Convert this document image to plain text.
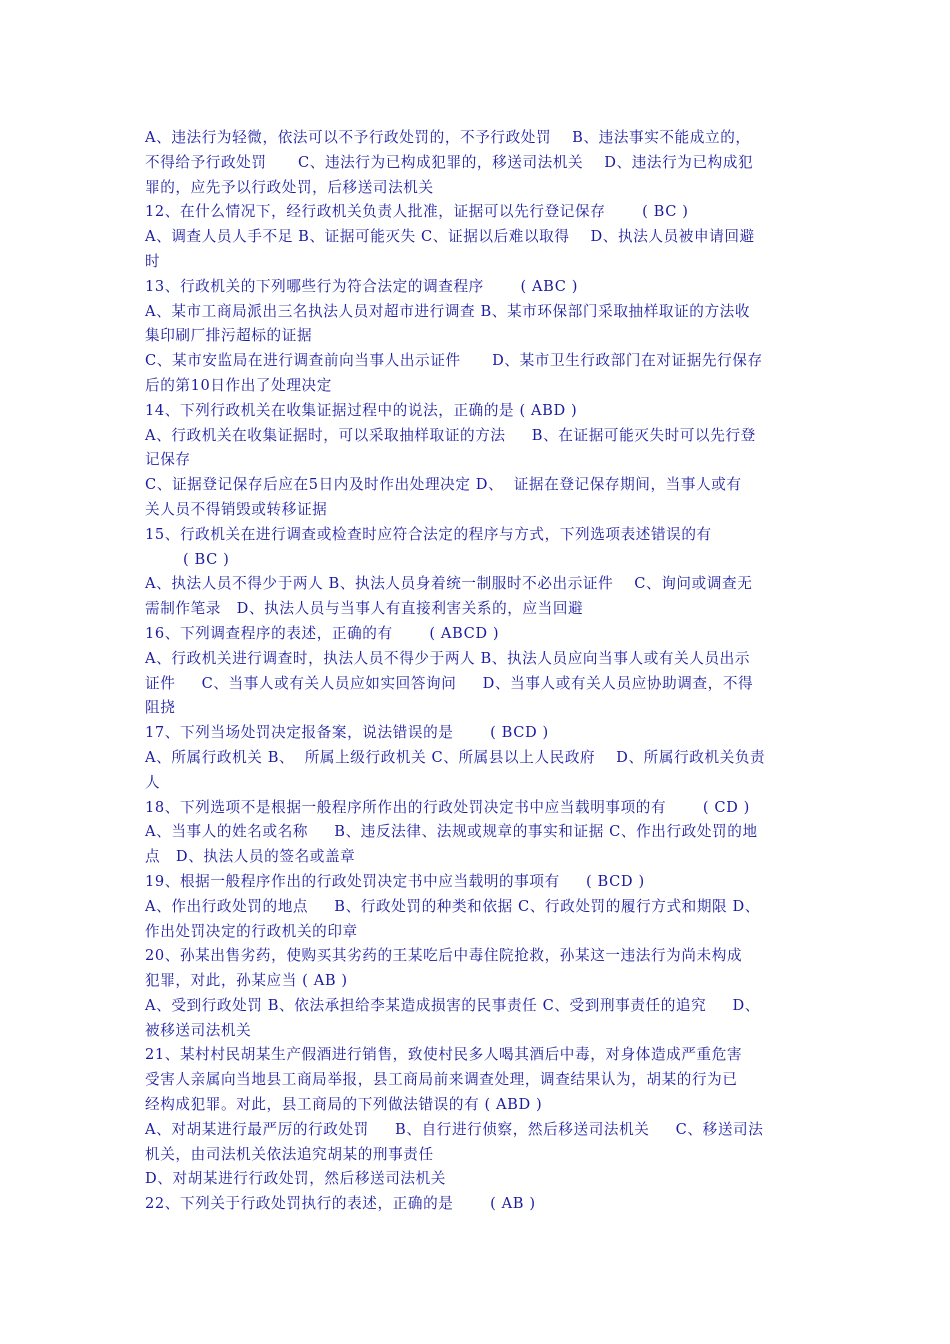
A、违法行为轻微，依法可以不予行政处罚的，不予行政处罚    B、违法事实不能成立的，
不得给予行政处罚      C、违法行为已构成犯罪的，移送司法机关    D、违法行为已构成犯
罪的，应先予以行政处罚，后移送司法机关
12、在什么情况下，经行政机关负责人批准，证据可以先行登记保存       ( BC )
A、调查人员人手不足 B、证据可能灭失 C、证据以后难以取得    D、执法人员被申请回避
时
13、行政机关的下列哪些行为符合法定的调查程序       ( ABC )
A、某市工商局派出三名执法人员对超市进行调查 B、某市环保部门采取抽样取证的方法收
集印刷厂排污超标的证据
C、某市安监局在进行调查前向当事人出示证件      D、某市卫生行政部门在对证据先行保存
后的第10日作出了处理决定
14、下列行政机关在收集证据过程中的说法，正确的是 ( ABD )
A、行政机关在收集证据时，可以采取抽样取证的方法     B、在证据可能灭失时可以先行登
记保存
C、证据登记保存后应在5日内及时作出处理决定 D、  证据在登记保存期间，当事人或有
关人员不得销毁或转移证据
15、行政机关在进行调查或检查时应符合法定的程序与方式，下列选项表述错误的有
( BC )
A、执法人员不得少于两人 B、执法人员身着统一制服时不必出示证件    C、询问或调查无
需制作笔录   D、执法人员与当事人有直接利害关系的，应当回避
16、下列调查程序的表述，正确的有       ( ABCD )
A、行政机关进行调查时，执法人员不得少于两人 B、执法人员应向当事人或有关人员出示
证件     C、当事人或有关人员应如实回答询问     D、当事人或有关人员应协助调查，不得
阻挠
17、下列当场处罚决定报备案，说法错误的是       ( BCD )
A、所属行政机关 B、  所属上级行政机关 C、所属县以上人民政府    D、所属行政机关负责
人
18、下列选项不是根据一般程序所作出的行政处罚决定书中应当载明事项的有       ( CD )
A、当事人的姓名或名称     B、违反法律、法规或规章的事实和证据 C、作出行政处罚的地
点   D、执法人员的签名或盖章
19、根据一般程序作出的行政处罚决定书中应当载明的事项有     ( BCD )
A、作出行政处罚的地点     B、行政处罚的种类和依据 C、行政处罚的履行方式和期限 D、
作出处罚决定的行政机关的印章
20、孙某出售劣药，使购买其劣药的王某吃后中毒住院抢救，孙某这一违法行为尚未构成
犯罪，对此，孙某应当 ( AB )
A、受到行政处罚 B、依法承担给李某造成损害的民事责任 C、受到刑事责任的追究     D、
被移送司法机关
21、某村村民胡某生产假酒进行销售，致使村民多人喝其酒后中毒，对身体造成严重危害
受害人亲属向当地县工商局举报，县工商局前来调查处理，调查结果认为，胡某的行为已
经构成犯罪。对此，县工商局的下列做法错误的有 ( ABD )
A、对胡某进行最严厉的行政处罚     B、自行进行侦察，然后移送司法机关     C、移送司法
机关，由司法机关依法追究胡某的刑事责任
D、对胡某进行行政处罚，然后移送司法机关
22、下列关于行政处罚执行的表述，正确的是       ( AB )
